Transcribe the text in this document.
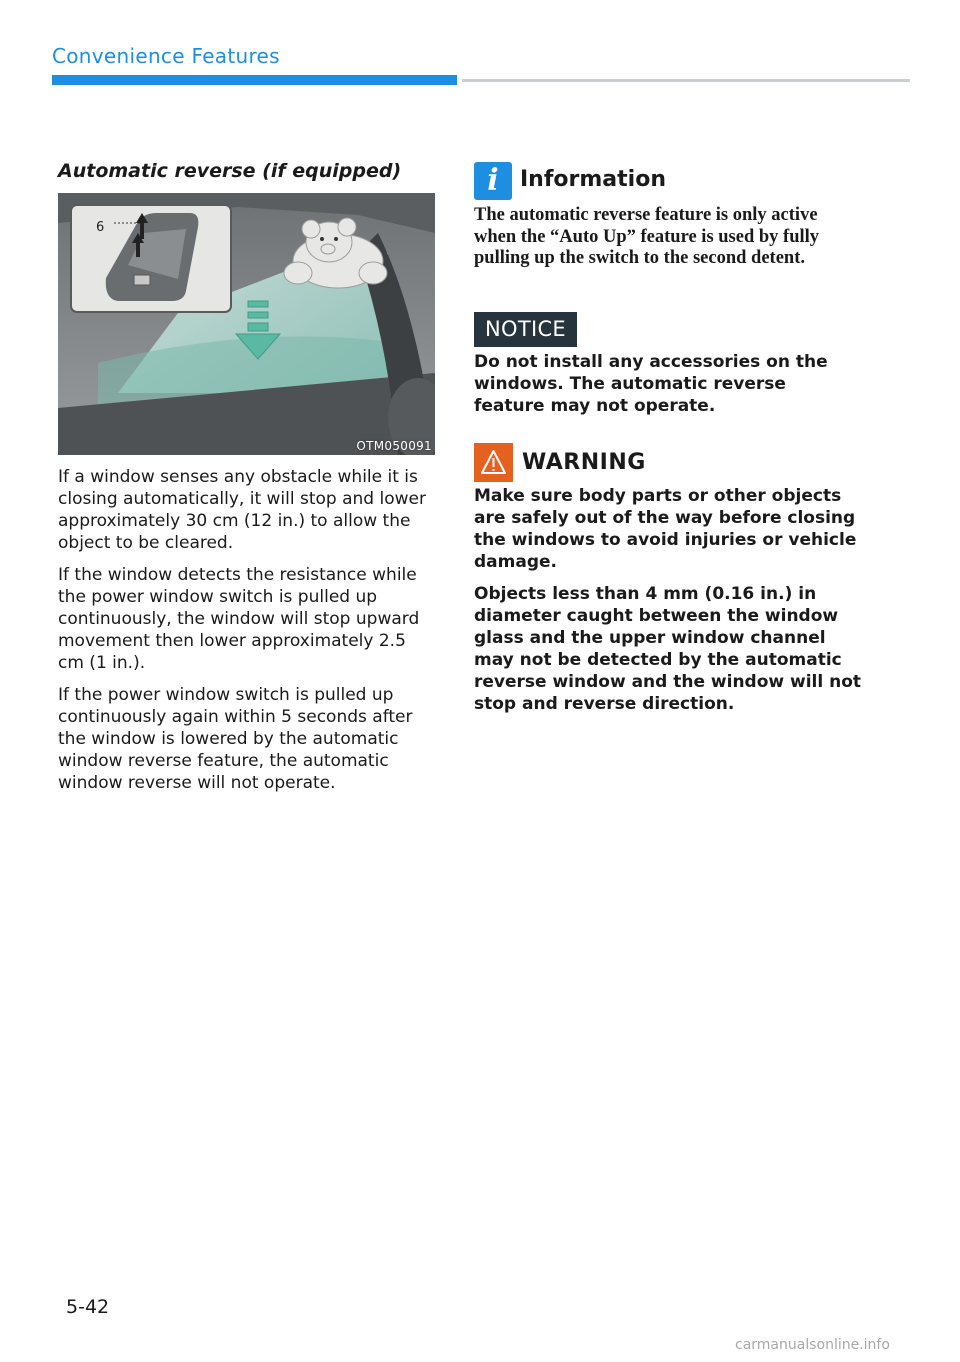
Convenience Features
Automatic reverse (if equipped)
6
OTM050091

If a window senses any obstacle while it is closing automatically, it will stop and lower approximately 30 cm (12 in.) to allow the object to be cleared.

If the window detects the resistance while the power window switch is pulled up continuously, the window will stop upward movement then lower approximately 2.5 cm (1 in.).

If the power window switch is pulled up continuously again within 5 seconds after the window is lowered by the automatic window reverse feature, the automatic window reverse will not operate.

i Information
The automatic reverse feature is only active when the “Auto Up” feature is used by fully pulling up the switch to the second detent.
NOTICE
Do not install any accessories on the windows. The automatic reverse feature may not operate.
WARNING

Make sure body parts or other objects are safely out of the way before closing the windows to avoid injuries or vehicle damage.

Objects less than 4 mm (0.16 in.) in diameter caught between the window glass and the upper window channel may not be detected by the automatic reverse window and the window will not stop and reverse direction.

5-42
carmanualsonline.info
